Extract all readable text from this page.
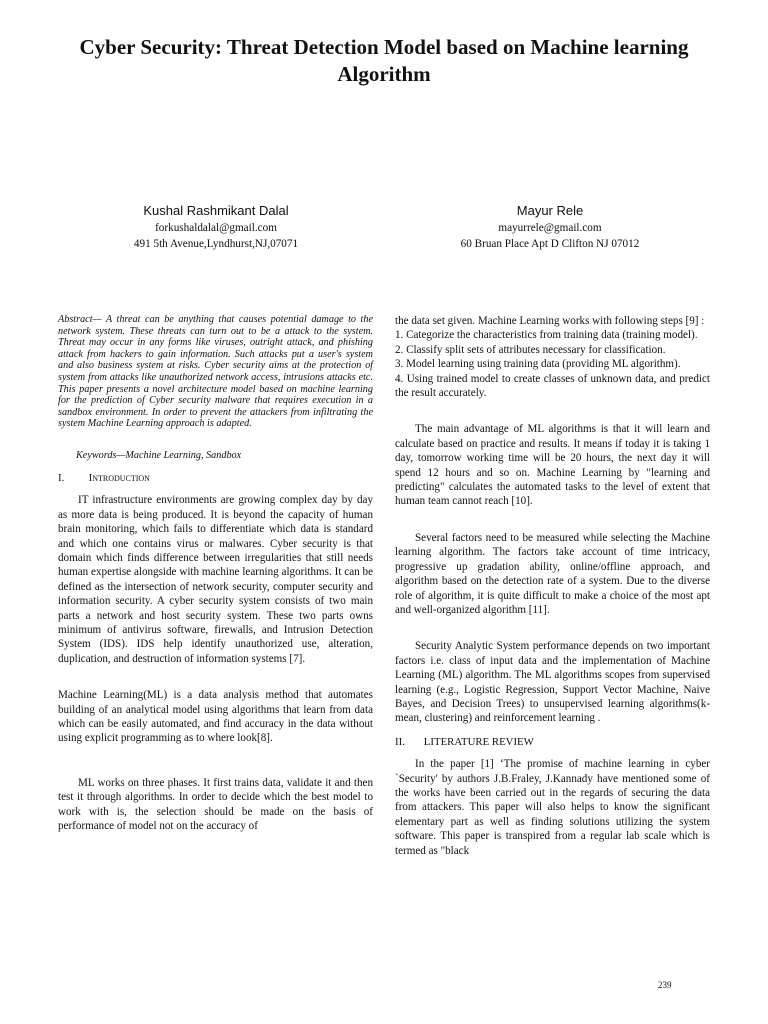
Cyber Security: Threat Detection Model based on Machine learning Algorithm
Kushal Rashmikant Dalal
forkushaldalal@gmail.com
491 5th Avenue,Lyndhurst,NJ,07071
Mayur Rele
mayurrele@gmail.com
60 Bruan Place Apt D Clifton NJ 07012

Abstract— A threat can be anything that causes potential damage to the network system. These threats can turn out to be a attack to the system. Threat may occur in any forms like viruses, outright attack, and phishing attack from hackers to gain information. Such attacks put a user's system and also business system at risks. Cyber security aims at the protection of system from attacks like unauthorized network access, intrusions attacks etc. This paper presents a novel architecture model based on machine learning for the prediction of Cyber security malware that requires execution in a sandbox environment. In order to prevent the attackers from infiltrating the system Machine Learning approach is adapted.

Keywords—Machine Learning, Sandbox

I. Introduction

IT infrastructure environments are growing complex day by day as more data is being produced. It is beyond the capacity of human brain monitoring, which fails to differentiate which data is standard and which one contains virus or malwares. Cyber security is that domain which finds difference between irregularities that still needs human expertise alongside with machine learning algorithms. It can be defined as the intersection of network security, computer security and information security. A cyber security system consists of two main parts a network and host security system. These two parts owns minimum of antivirus software, firewalls, and Intrusion Detection System (IDS). IDS help identify unauthorized use, alteration, duplication, and destruction of information systems [7].

Machine Learning(ML) is a data analysis method that automates building of an analytical model using algorithms that learn from data which can be easily automated, and find accuracy in the data without using explicit programming as to where look[8].

ML works on three phases. It first trains data, validate it and then test it through algorithms. In order to decide which the best model to work with is, the selection should be made on the basis of performance of model not on the accuracy of

the data set given. Machine Learning works with following steps [9] :

1. Categorize the characteristics from training data (training model).

2. Classify split sets of attributes necessary for classification.

3. Model learning using training data (providing ML algorithm).

4. Using trained model to create classes of unknown data, and predict the result accurately.

The main advantage of ML algorithms is that it will learn and calculate based on practice and results. It means if today it is taking 1 day, tomorrow working time will be 20 hours, the next day it will spend 12 hours and so on. Machine Learning by "learning and predicting" calculates the automated tasks to the level of extent that human team cannot reach [10].

Several factors need to be measured while selecting the Machine learning algorithm. The factors take account of time intricacy, progressive up gradation ability, online/offline approach, and algorithm based on the detection rate of a system. Due to the diverse role of algorithm, it is quite difficult to make a choice of the most apt and well-organized algorithm [11].

Security Analytic System performance depends on two important factors i.e. class of input data and the implementation of Machine Learning (ML) algorithm. The ML algorithms scopes from supervised learning (e.g., Logistic Regression, Support Vector Machine, Naive Bayes, and Decision Trees) to unsupervised learning algorithms(k-mean, clustering) and reinforcement learning .

II. LITERATURE REVIEW

In the paper [1] ‘The promise of machine learning in cyber `Security' by authors J.B.Fraley, J.Kannady have mentioned some of the works have been carried out in the regards of securing the data from attackers. This paper will also helps to know the significant elementary part as well as finding solutions utilizing the system software. This paper is transpired from a regular lab scale which is termed as "black

239
